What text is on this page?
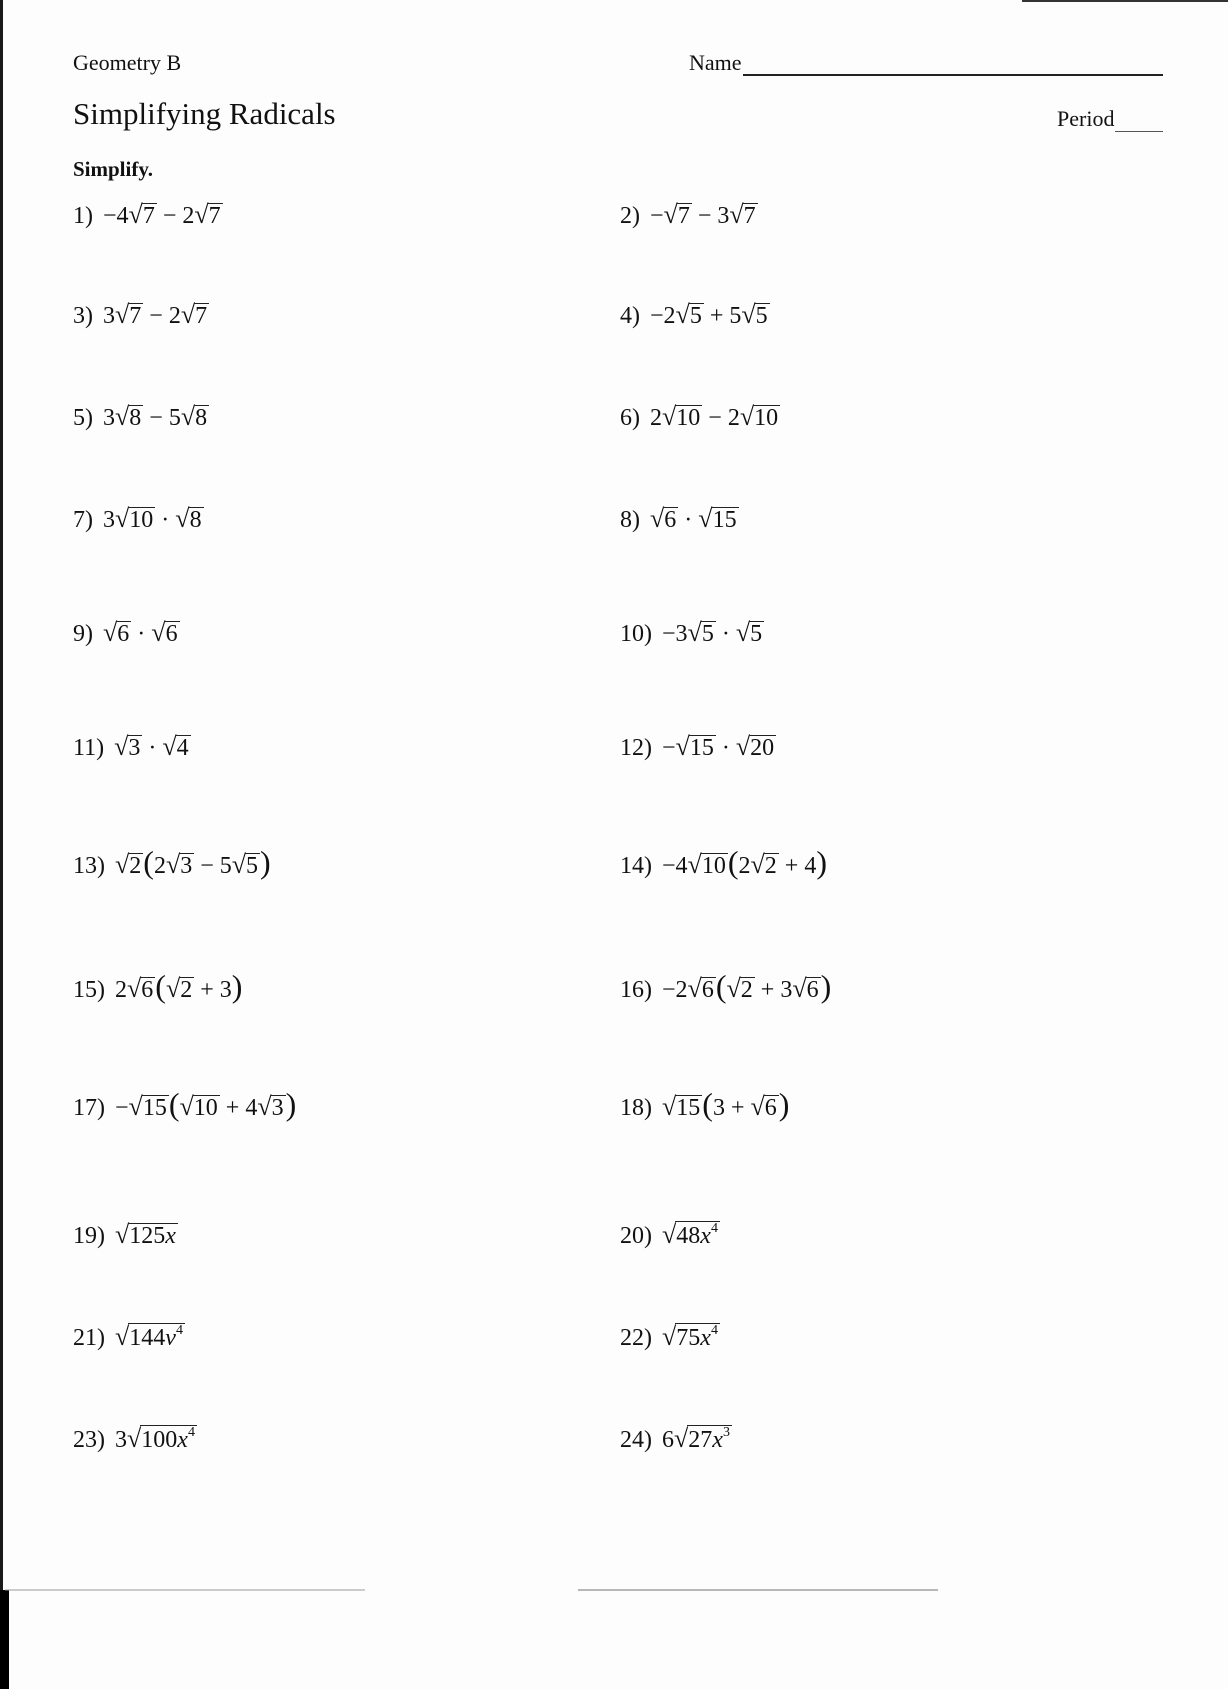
Geometry B
Simplifying Radicals
Simplify.
Name
Period
1) − 4 √ 7 − 2 √ 7	2) − √ 7 − 3 √ 7
3) 3 √ 7 − 2 √ 7	4) − 2 √ 5 + 5 √ 5
5) 3 √ 8 − 5 √ 8	6) 2 √ 10 − 2 √ 10
7) 3 √ 10 · √ 8	8) √ 6 · √ 15
9) √ 6 · √ 6	10) − 3 √ 5 · √ 5
11) √ 3 · √ 4	12) − √ 15 · √ 20
13) √ 2 ( 2 √ 3 − 5 √ 5 )	14) − 4 √ 10 ( 2 √ 2 + 4 )
15) 2 √ 6 ( √ 2 + 3 )	16) − 2 √ 6 ( √ 2 + 3 √ 6 )
17) − √ 15 ( √ 10 + 4 √ 3 )	18) √ 15 ( 3 + √ 6 )
19) √ 125x	20) √ $48x^4$
21) √ $144v^4$	22) √ $75x^4$
23) 3 √ $100x^4$	24) 6 √ $27x^3$
